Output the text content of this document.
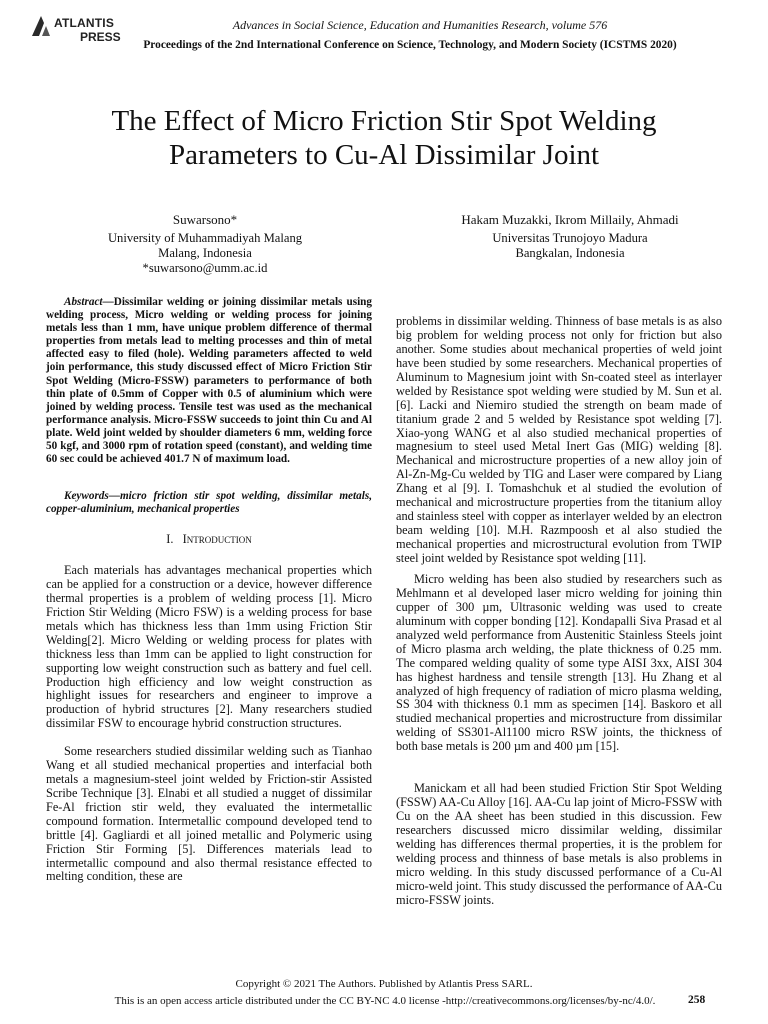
ATLANTIS
PRESS
Advances in Social Science, Education and Humanities Research, volume 576
Proceedings of the 2nd International Conference on Science, Technology, and Modern Society (ICSTMS 2020)
The Effect of Micro Friction Stir Spot Welding
Parameters to Cu-Al Dissimilar Joint
Suwarsono*
University of Muhammadiyah Malang
Malang, Indonesia
*suwarsono@umm.ac.id
Hakam Muzakki, Ikrom Millaily, Ahmadi
Universitas Trunojoyo Madura
Bangkalan, Indonesia
Abstract—Dissimilar welding or joining dissimilar metals using welding process, Micro welding or welding process for joining metals less than 1 mm, have unique problem difference of thermal properties from metals lead to melting processes and thin of metal affected easy to filed (hole). Welding parameters affected to weld join performance, this study discussed effect of Micro Friction Stir Spot Welding (Micro-FSSW) parameters to performance of both thin plate of 0.5mm of Copper with 0.5 of aluminium which were joined by welding process. Tensile test was used as the mechanical performance analysis. Micro-FSSW succeeds to joint thin Cu and Al plate. Weld joint welded by shoulder diameters 6 mm, welding force 50 kgf, and 3000 rpm of rotation speed (constant), and welding time 60 sec could be achieved 401.7 N of maximum load.
Keywords—micro friction stir spot welding, dissimilar metals, copper-aluminium, mechanical properties
I. Introduction

Each materials has advantages mechanical properties which can be applied for a construction or a device, however difference thermal properties is a problem of welding process [1]. Micro Friction Stir Welding (Micro FSW) is a welding process for base metals which has thickness less than 1mm using Friction Stir Welding[2]. Micro Welding or welding process for plates with thickness less than 1mm can be applied to light construction for supporting low weight construction such as battery and fuel cell. Production high efficiency and low weight construction as highlight issues for researchers and engineer to improve a production of hybrid structures [2]. Many researchers studied dissimilar FSW to encourage hybrid construction structures.

Some researchers studied dissimilar welding such as Tianhao Wang et all studied mechanical properties and interfacial both metals a magnesium-steel joint welded by Friction-stir Assisted Scribe Technique [3]. Elnabi et all studied a nugget of dissimilar Fe-Al friction stir weld, they evaluated the intermetallic compound formation. Intermetallic compound developed tend to brittle [4]. Gagliardi et all joined metallic and Polymeric using Friction Stir Forming [5]. Differences materials lead to intermetallic compound and also thermal resistance effected to melting condition, these are

problems in dissimilar welding. Thinness of base metals is as also big problem for welding process not only for friction but also another. Some studies about mechanical properties of weld joint have been studied by some researchers. Mechanical properties of Aluminum to Magnesium joint with Sn-coated steel as interlayer welded by Resistance spot welding were studied by M. Sun et al. [6]. Lacki and Niemiro studied the strength on beam made of titanium grade 2 and 5 welded by Resistance spot welding [7]. Xiao-yong WANG et al also studied mechanical properties of magnesium to steel used Metal Inert Gas (MIG) welding [8]. Mechanical and microstructure properties of a new alloy join of Al-Zn-Mg-Cu welded by TIG and Laser were compared by Liang Zhang et al [9]. I. Tomashchuk et al studied the evolution of mechanical and microstructure properties from the titanium alloy and stainless steel with copper as interlayer welded by an electron beam welding [10]. M.H. Razmpoosh et al also studied the mechanical properties and microstructural evolution from TWIP steel joint welded by Resistance spot welding [11].

Micro welding has been also studied by researchers such as Mehlmann et al developed laser micro welding for joining thin cupper of 300 µm, Ultrasonic welding was used to create aluminum with copper bonding [12]. Kondapalli Siva Prasad et al analyzed weld performance from Austenitic Stainless Steels joint of Micro plasma arch welding, the plate thickness of 0.25 mm. The compared welding quality of some type AISI 3xx, AISI 304 has highest hardness and tensile strength [13]. Hu Zhang et al analyzed of high frequency of radiation of micro plasma welding, SS 304 with thickness 0.1 mm as specimen [14]. Baskoro et all studied mechanical properties and microstructure from dissimilar welding of SS301-Al1100 micro RSW joints, the thickness of both base metals is 200 µm and 400 µm [15].

Manickam et all had been studied Friction Stir Spot Welding (FSSW) AA-Cu Alloy [16]. AA-Cu lap joint of Micro-FSSW with Cu on the AA sheet has been studied in this discussion. Few researchers discussed micro dissimilar welding, dissimilar welding has differences thermal properties, it is the problem for welding process and thinness of base metals is also problems in micro welding. In this study discussed performance of a Cu-Al micro-weld joint. This study discussed the performance of AA-Cu micro-FSSW joints.

Copyright © 2021 The Authors. Published by Atlantis Press SARL.
This is an open access article distributed under the CC BY-NC 4.0 license -http://creativecommons.org/licenses/by-nc/4.0/.	258
